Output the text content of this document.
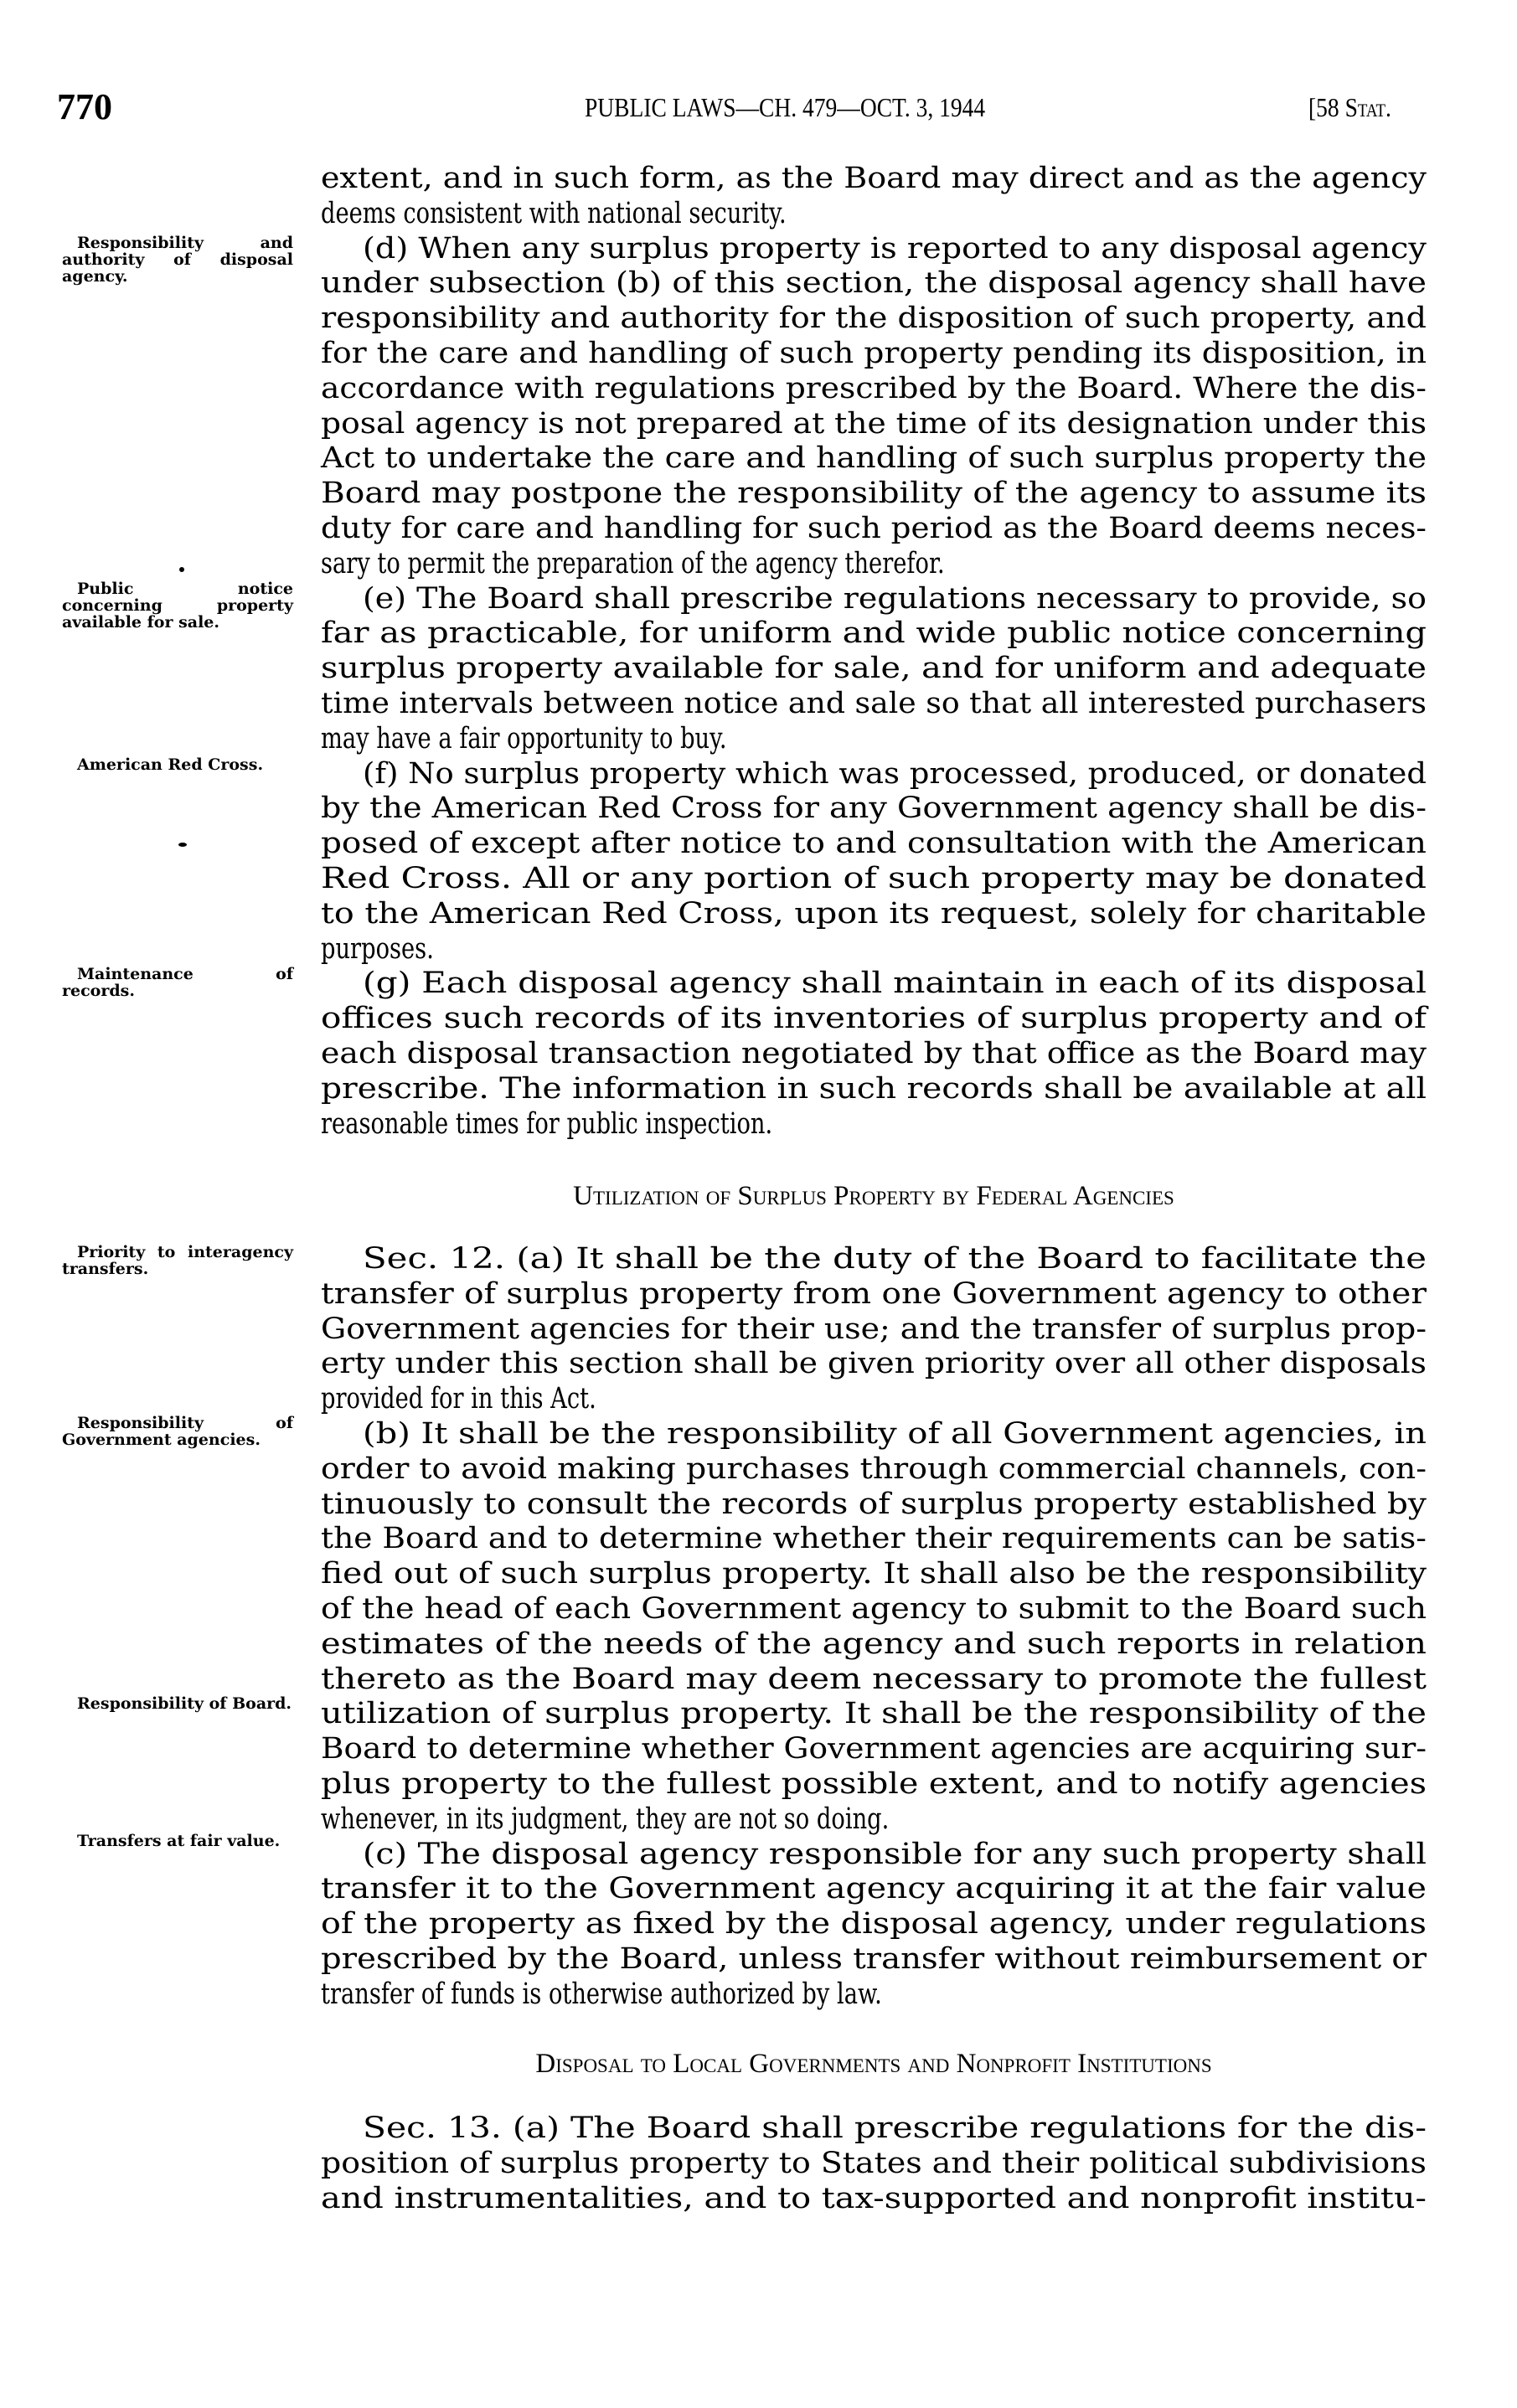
770	PUBLIC LAWS—CH. 479—OCT. 3, 1944	[58 Stat.
Responsibility and authority of disposal agency.
Public notice concerning property available for sale.
American Red Cross.
Maintenance of records.
Priority to interagency transfers.
Responsibility of Government agencies.
Responsibility of Board.
Transfers at fair value.
extent, and in such form, as the Board may direct and as the agency
deems consistent with national security.
(d) When any surplus property is reported to any disposal agency
under subsection (b) of this section, the disposal agency shall have
responsibility and authority for the disposition of such property, and
for the care and handling of such property pending its disposition, in
accordance with regulations prescribed by the Board. Where the dis-
posal agency is not prepared at the time of its designation under this
Act to undertake the care and handling of such surplus property the
Board may postpone the responsibility of the agency to assume its
duty for care and handling for such period as the Board deems neces-
sary to permit the preparation of the agency therefor.
(e) The Board shall prescribe regulations necessary to provide, so
far as practicable, for uniform and wide public notice concerning
surplus property available for sale, and for uniform and adequate
time intervals between notice and sale so that all interested purchasers
may have a fair opportunity to buy.
(f) No surplus property which was processed, produced, or donated
by the American Red Cross for any Government agency shall be dis-
posed of except after notice to and consultation with the American
Red Cross. All or any portion of such property may be donated
to the American Red Cross, upon its request, solely for charitable
purposes.
(g) Each disposal agency shall maintain in each of its disposal
offices such records of its inventories of surplus property and of
each disposal transaction negotiated by that office as the Board may
prescribe. The information in such records shall be available at all
reasonable times for public inspection.
Utilization of Surplus Property by Federal Agencies
Sec. 12. (a) It shall be the duty of the Board to facilitate the
transfer of surplus property from one Government agency to other
Government agencies for their use; and the transfer of surplus prop-
erty under this section shall be given priority over all other disposals
provided for in this Act.
(b) It shall be the responsibility of all Government agencies, in
order to avoid making purchases through commercial channels, con-
tinuously to consult the records of surplus property established by
the Board and to determine whether their requirements can be satis-
fied out of such surplus property. It shall also be the responsibility
of the head of each Government agency to submit to the Board such
estimates of the needs of the agency and such reports in relation
thereto as the Board may deem necessary to promote the fullest
utilization of surplus property. It shall be the responsibility of the
Board to determine whether Government agencies are acquiring sur-
plus property to the fullest possible extent, and to notify agencies
whenever, in its judgment, they are not so doing.
(c) The disposal agency responsible for any such property shall
transfer it to the Government agency acquiring it at the fair value
of the property as fixed by the disposal agency, under regulations
prescribed by the Board, unless transfer without reimbursement or
transfer of funds is otherwise authorized by law.
Disposal to Local Governments and Nonprofit Institutions
Sec. 13. (a) The Board shall prescribe regulations for the dis-
position of surplus property to States and their political subdivisions
and instrumentalities, and to tax-supported and nonprofit institu-
